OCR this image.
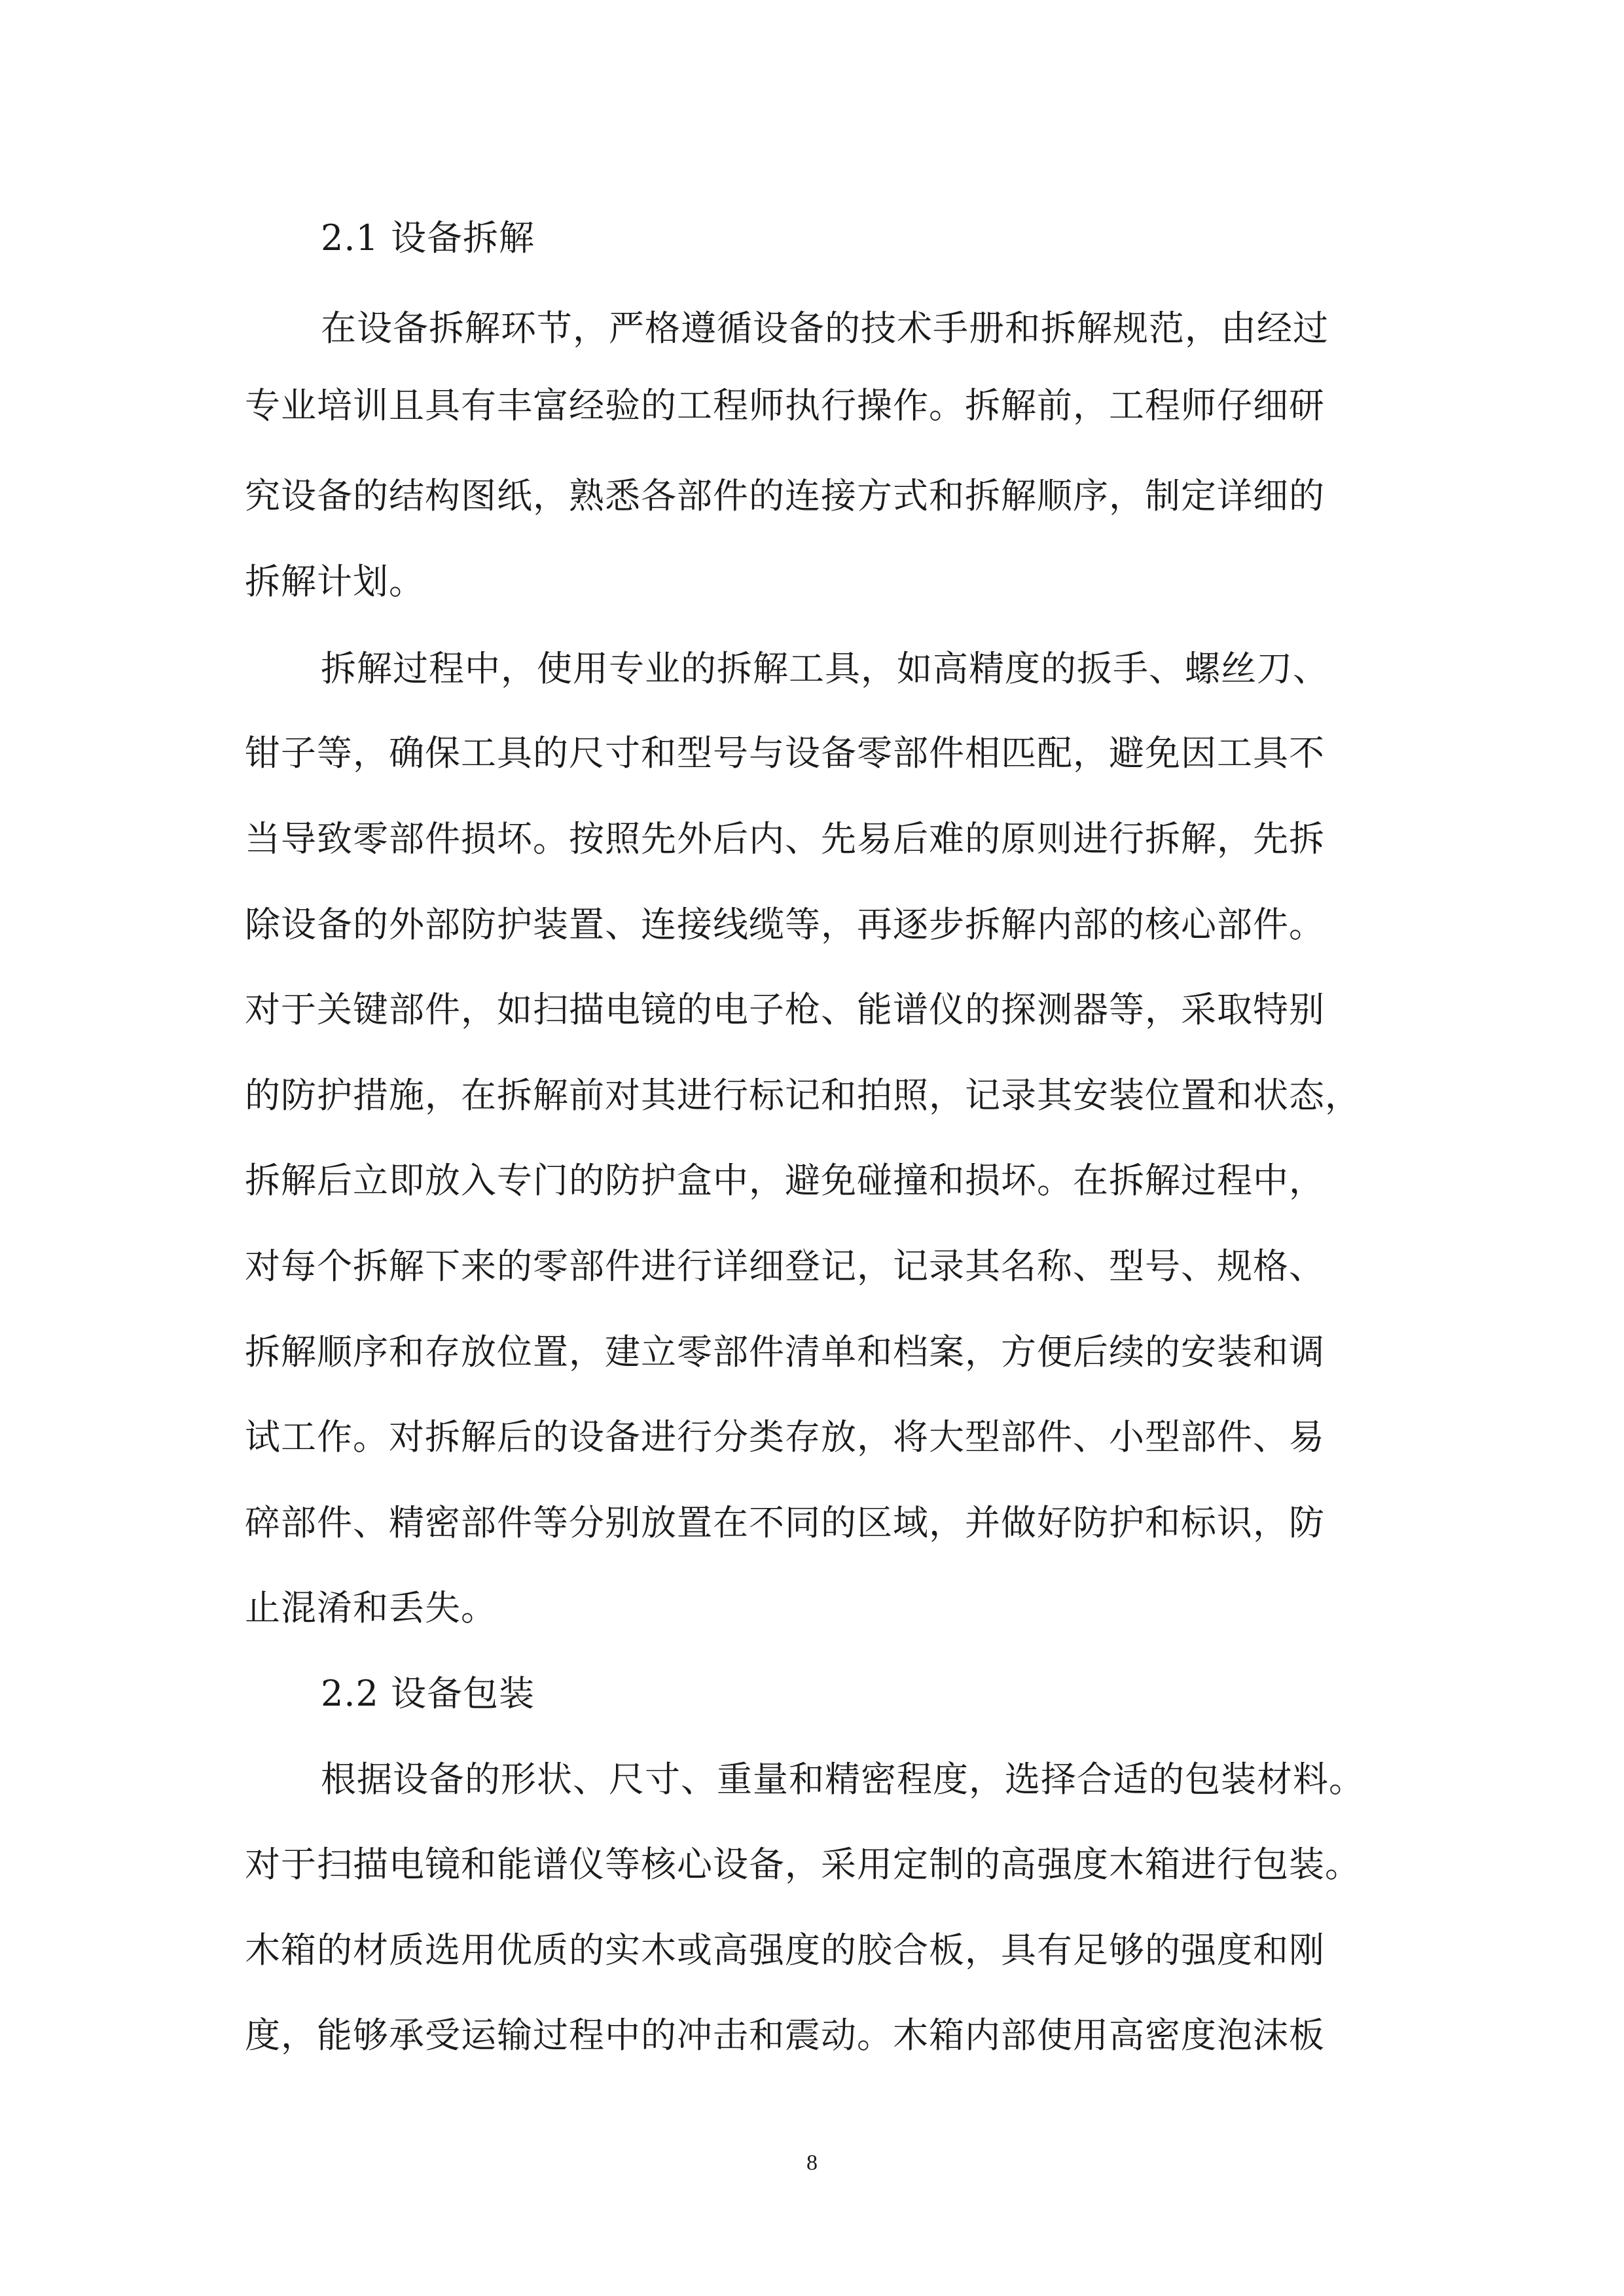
2.1 设备拆解
在设备拆解环节，严格遵循设备的技术手册和拆解规范，由经过
专业培训且具有丰富经验的工程师执行操作。拆解前，工程师仔细研
究设备的结构图纸，熟悉各部件的连接方式和拆解顺序，制定详细的
拆解计划。
拆解过程中，使用专业的拆解工具，如高精度的扳手、螺丝刀、
钳子等，确保工具的尺寸和型号与设备零部件相匹配，避免因工具不
当导致零部件损坏。按照先外后内、先易后难的原则进行拆解，先拆
除设备的外部防护装置、连接线缆等，再逐步拆解内部的核心部件。
对于关键部件，如扫描电镜的电子枪、能谱仪的探测器等，采取特别
的防护措施，在拆解前对其进行标记和拍照，记录其安装位置和状态，
拆解后立即放入专门的防护盒中，避免碰撞和损坏。在拆解过程中，
对每个拆解下来的零部件进行详细登记，记录其名称、型号、规格、
拆解顺序和存放位置，建立零部件清单和档案，方便后续的安装和调
试工作。对拆解后的设备进行分类存放，将大型部件、小型部件、易
碎部件、精密部件等分别放置在不同的区域，并做好防护和标识，防
止混淆和丢失。
2.2 设备包装
根据设备的形状、尺寸、重量和精密程度，选择合适的包装材料。
对于扫描电镜和能谱仪等核心设备，采用定制的高强度木箱进行包装。
木箱的材质选用优质的实木或高强度的胶合板，具有足够的强度和刚
度，能够承受运输过程中的冲击和震动。木箱内部使用高密度泡沫板
8
